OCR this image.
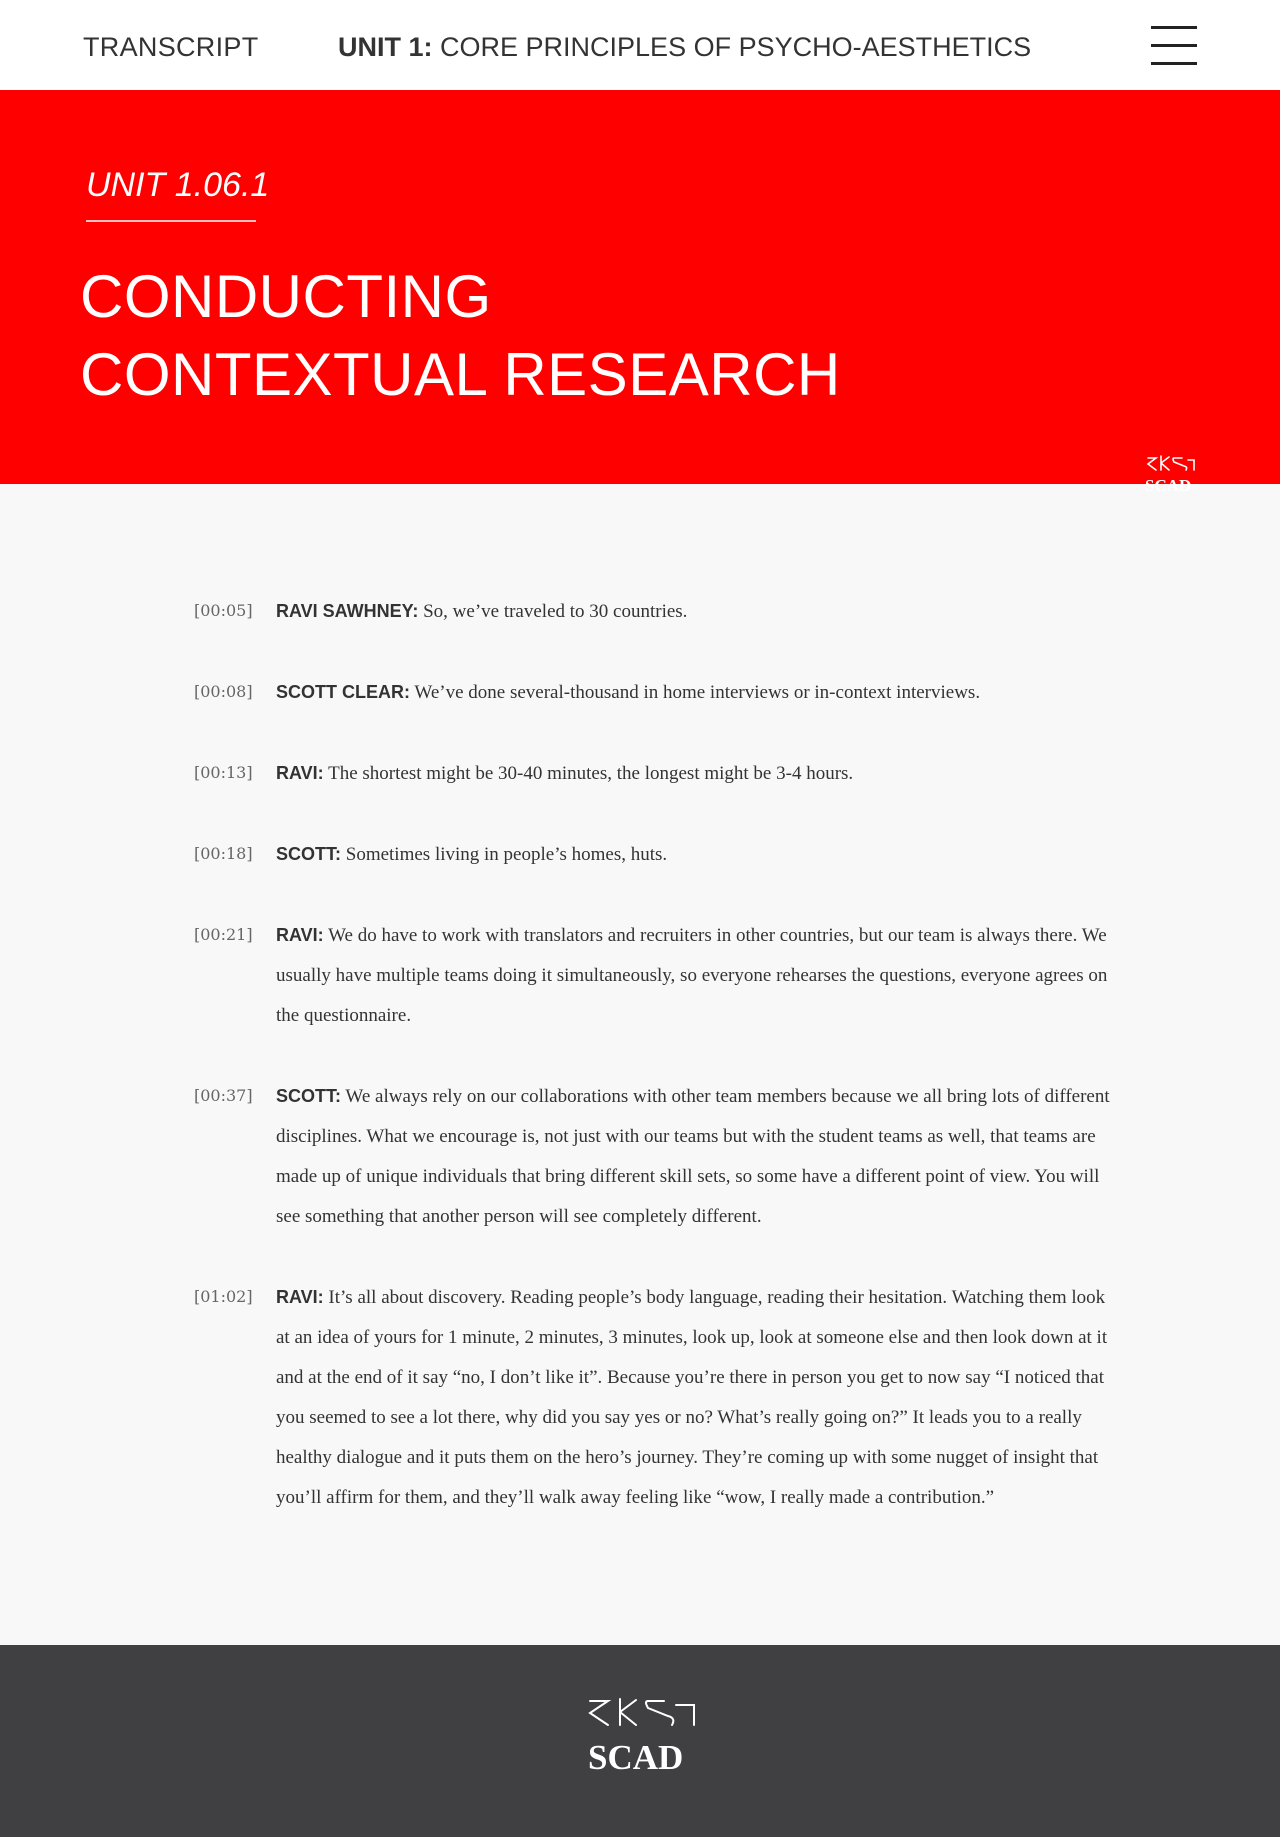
TRANSCRIPT	UNIT 1: CORE PRINCIPLES OF PSYCHO-AESTHETICS
UNIT 1.06.1
CONDUCTING
CONTEXTUAL RESEARCH
SCAD
[00:05] RAVI SAWHNEY: So, we’ve traveled to 30 countries.
[00:08] SCOTT CLEAR: We’ve done several-thousand in home interviews or in-context interviews.
[00:13] RAVI: The shortest might be 30-40 minutes, the longest might be 3-4 hours.
[00:18] SCOTT: Sometimes living in people’s homes, huts.
[00:21] RAVI: We do have to work with translators and recruiters in other countries, but our team is always there. We usually have multiple teams doing it simultaneously, so everyone rehearses the questions, everyone agrees on the questionnaire.
[00:37] SCOTT: We always rely on our collaborations with other team members because we all bring lots of different disciplines. What we encourage is, not just with our teams but with the student teams as well, that teams are made up of unique individuals that bring different skill sets, so some have a different point of view. You will see something that another person will see completely different.
[01:02] RAVI: It’s all about discovery. Reading people’s body language, reading their hesitation. Watching them look at an idea of yours for 1 minute, 2 minutes, 3 minutes, look up, look at someone else and then look down at it and at the end of it say “no, I don’t like it”. Because you’re there in person you get to now say “I noticed that you seemed to see a lot there, why did you say yes or no? What’s really going on?” It leads you to a really healthy dialogue and it puts them on the hero’s journey. They’re coming up with some nugget of insight that you’ll affirm for them, and they’ll walk away feeling like “wow, I really made a contribution.”
SCAD
